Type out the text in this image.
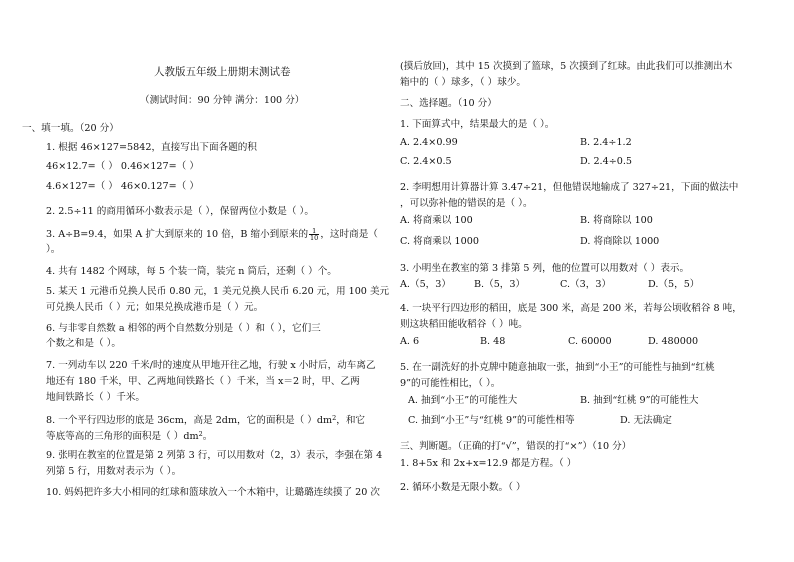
人教版五年级上册期末测试卷
（测试时间：90 分钟 满分：100 分）
一、填一填。（20 分）
1. 根据 46×127=5842，直接写出下面各题的积
46×12.7=（ ） 0.46×127=（ ）
4.6×127=（ ） 46×0.127=（ ）
2. 2.5÷11 的商用循环小数表示是（ ），保留两位小数是（ ）。
3. A÷B=9.4，如果 A 扩大到原来的 10 倍，B 缩小到原来的 $\frac{1}{10}$ ，这时商是（
）。
4. 共有 1482 个网球，每 5 个装一筒，装完 n 筒后，还剩（ ）个。
5. 某天 1 元港币兑换人民币 0.80 元，1 美元兑换人民币 6.20 元，用 100 美元
可兑换人民币（ ）元；如果兑换成港币是（ ）元。
6. 与非零自然数 a 相邻的两个自然数分别是（ ）和（ ），它们三
个数之和是（ ）。
7. 一列动车以 220 千米/时的速度从甲地开往乙地，行驶 x 小时后，动车离乙
地还有 180 千米，甲、乙两地间铁路长（ ）千米，当 x＝2 时，甲、乙两
地间铁路长（ ）千米。
8. 一个平行四边形的底是 36cm，高是 2dm，它的面积是（ ）$dm^2$，和它
等底等高的三角形的面积是（ ）$dm^2$。
9. 张明在教室的位置是第 2 列第 3 行，可以用数对（2，3）表示，李强在第 4
列第 5 行，用数对表示为（ ）。
10. 妈妈把许多大小相同的红球和篮球放入一个木箱中，让璐璐连续摸了 20 次
(摸后放回)，其中 15 次摸到了篮球，5 次摸到了红球。由此我们可以推测出木
箱中的（ ）球多，（ ）球少。
二、选择题。（10 分）
1. 下面算式中，结果最大的是（ ）。
A. 2.4×0.99	B. 2.4÷1.2
C. 2.4×0.5	D. 2.4÷0.5
2. 李明想用计算器计算 3.47÷21，但他错误地输成了 327÷21，下面的做法中
，可以弥补他的错误的是（ ）。
A. 将商乘以 100	B. 将商除以 100
C. 将商乘以 1000	D. 将商除以 1000
3. 小明坐在教室的第 3 排第 5 列，他的位置可以用数对（ ）表示。
A.（5，3） B.（5，3）	C.（3，3）	D.（5，5）
4. 一块平行四边形的稻田，底是 300 米，高是 200 米，若每公顷收稻谷 8 吨，
则这块稻田能收稻谷（ ）吨。
A. 6	B. 48	C. 60000	D. 480000
5. 在一副洗好的扑克牌中随意抽取一张，抽到“小王”的可能性与抽到“红桃
9”的可能性相比，（ ）。
A. 抽到“小王”的可能性大	B. 抽到“红桃 9”的可能性大
C. 抽到“小王”与“红桃 9”的可能性相等	D. 无法确定
三、判断题。（正确的打“√”，错误的打“×”）（10 分）
1. 8+5x 和 2x+x=12.9 都是方程。（ ）
2. 循环小数是无限小数。（ ）
